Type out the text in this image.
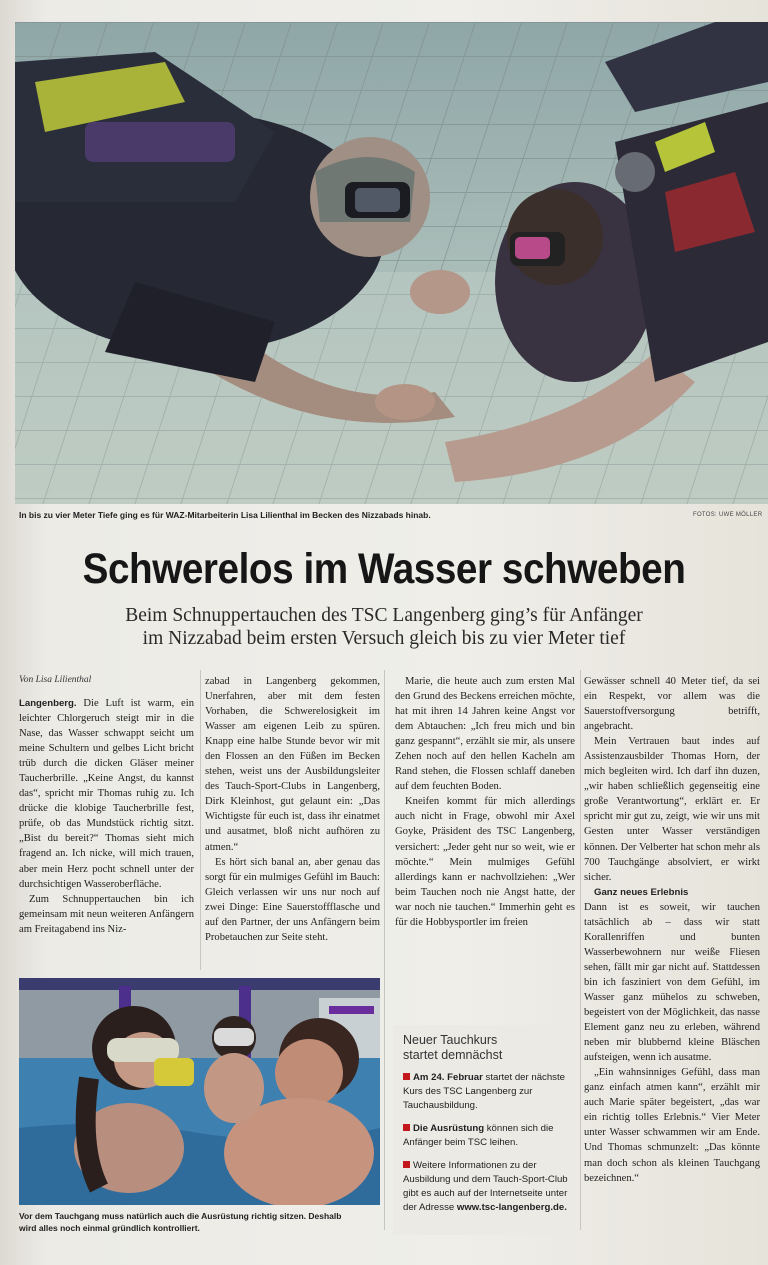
In bis zu vier Meter Tiefe ging es für WAZ-Mitarbeiterin Lisa Lilienthal im Becken des Nizzabads hinab.	FOTOS: UWE MÖLLER
Schwerelos im Wasser schweben
Beim Schnuppertauchen des TSC Langenberg ging’s für Anfänger
im Nizzabad beim ersten Versuch gleich bis zu vier Meter tief
Von Lisa Lilienthal

Langenberg. Die Luft ist warm, ein leichter Chlorgeruch steigt mir in die Nase, das Wasser schwappt seicht um meine Schultern und gelbes Licht bricht trüb durch die dicken Gläser meiner Taucherbrille. „Keine Angst, du kannst das“, spricht mir Thomas ruhig zu. Ich drücke die klobige Taucherbrille fest, prüfe, ob das Mundstück richtig sitzt. „Bist du bereit?“ Thomas sieht mich fragend an. Ich nicke, will mich trauen, aber mein Herz pocht schnell unter der durchsichtigen Wasseroberfläche.

Zum Schnuppertauchen bin ich gemeinsam mit neun weiteren Anfängern am Freitagabend ins Niz-

zabad in Langenberg gekommen, Unerfahren, aber mit dem festen Vorhaben, die Schwerelosigkeit im Wasser am eigenen Leib zu spüren. Knapp eine halbe Stunde bevor wir mit den Flossen an den Füßen im Becken stehen, weist uns der Ausbildungsleiter des Tauch-Sport-Clubs in Langenberg, Dirk Kleinhost, gut gelaunt ein: „Das Wichtigste für euch ist, dass ihr einatmet und ausatmet, bloß nicht aufhören zu atmen.“

Es hört sich banal an, aber genau das sorgt für ein mulmiges Gefühl im Bauch: Gleich verlassen wir uns nur noch auf zwei Dinge: Eine Sauerstoffflasche und auf den Partner, der uns Anfängern beim Probetauchen zur Seite steht.

Marie, die heute auch zum ersten Mal den Grund des Beckens erreichen möchte, hat mit ihren 14 Jahren keine Angst vor dem Abtauchen: „Ich freu mich und bin ganz gespannt“, erzählt sie mir, als unsere Zehen noch auf den hellen Kacheln am Rand stehen, die Flossen schlaff daneben auf dem feuchten Boden.

Kneifen kommt für mich allerdings auch nicht in Frage, obwohl mir Axel Goyke, Präsident des TSC Langenberg, versichert: „Jeder geht nur so weit, wie er möchte.“ Mein mulmiges Gefühl allerdings kann er nachvollziehen: „Wer beim Tauchen noch nie Angst hatte, der war noch nie tauchen.“ Immerhin geht es für die Hobbysportler im freien

Gewässer schnell 40 Meter tief, da sei ein Respekt, vor allem was die Sauerstoffversorgung betrifft, angebracht.

Mein Vertrauen baut indes auf Assistenzausbilder Thomas Horn, der mich begleiten wird. Ich darf ihn duzen, „wir haben schließlich gegenseitig eine große Verantwortung“, erklärt er. Er spricht mir gut zu, zeigt, wie wir uns mit Gesten unter Wasser verständigen können. Der Velberter hat schon mehr als 700 Tauchgänge absolviert, er wirkt sicher.

Ganz neues Erlebnis

Dann ist es soweit, wir tauchen tatsächlich ab – dass wir statt Korallenriffen und bunten Wasserbewohnern nur weiße Fliesen sehen, fällt mir gar nicht auf. Stattdessen bin ich fasziniert von dem Gefühl, im Wasser ganz mühelos zu schweben, begeistert von der Möglichkeit, das nasse Element ganz neu zu erleben, während neben mir blubbernd kleine Bläschen aufsteigen, wenn ich ausatme.

„Ein wahnsinniges Gefühl, dass man ganz einfach atmen kann“, erzählt mir auch Marie später begeistert, „das war ein richtig tolles Erlebnis.“ Vier Meter unter Wasser schwammen wir am Ende. Und Thomas schmunzelt: „Das könnte man doch schon als kleinen Tauchgang bezeichnen.“

Vor dem Tauchgang muss natürlich auch die Ausrüstung richtig sitzen. Deshalb
wird alles noch einmal gründlich kontrolliert.
Neuer Tauchkurs
startet demnächst
Am 24. Februar startet der nächste Kurs des TSC Langenberg zur Tauchausbildung.
Die Ausrüstung können sich die Anfänger beim TSC leihen.
Weitere Informationen zu der Ausbildung und dem Tauch-Sport-Club gibt es auch auf der Internetseite unter der Adresse www.tsc-langenberg.de.
